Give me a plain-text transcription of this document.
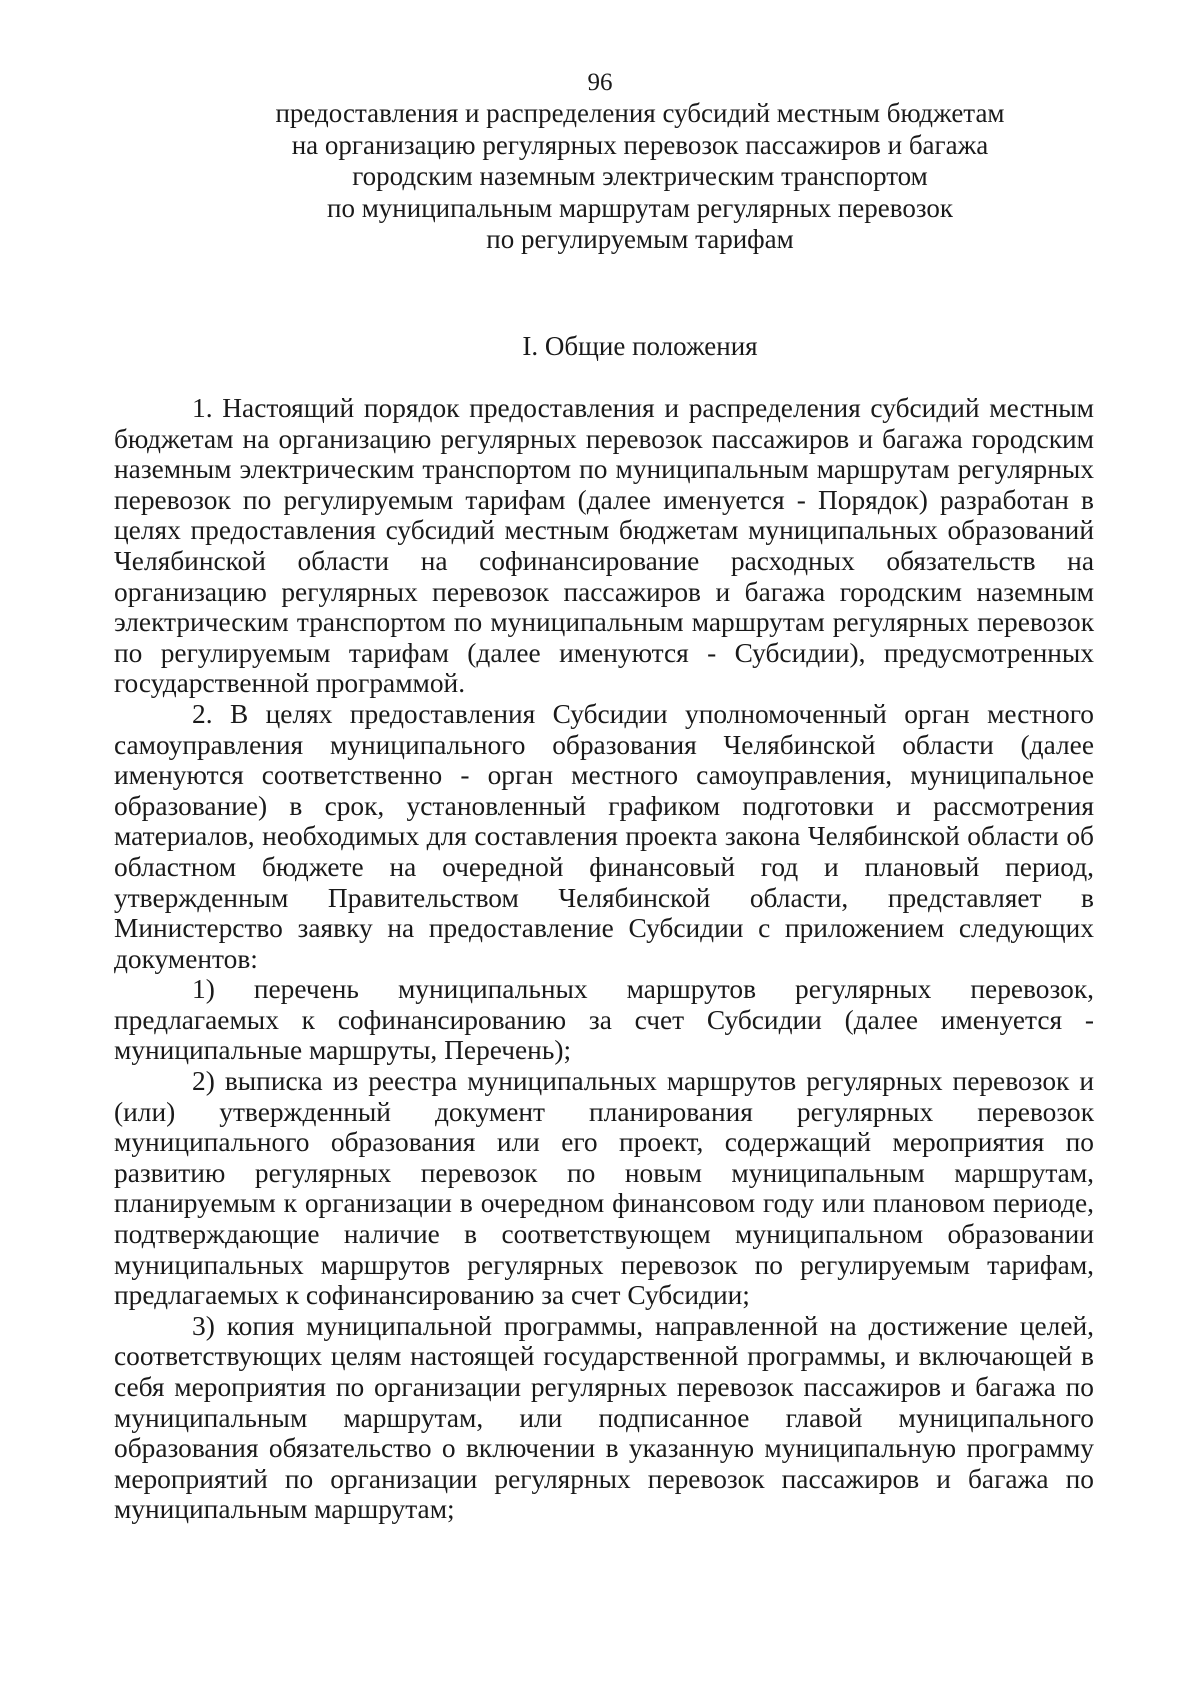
96
предоставления и распределения субсидий местным бюджетам
на организацию регулярных перевозок пассажиров и багажа
городским наземным электрическим транспортом
по муниципальным маршрутам регулярных перевозок
по регулируемым тарифам
I. Общие положения

1. Настоящий порядок предоставления и распределения субсидий местным бюджетам на организацию регулярных перевозок пассажиров и багажа городским наземным электрическим транспортом по муниципальным маршрутам регулярных перевозок по регулируемым тарифам (далее именуется - Порядок) разработан в целях предоставления субсидий местным бюджетам муниципальных образований Челябинской области на софинансирование расходных обязательств на организацию регулярных перевозок пассажиров и багажа городским наземным электрическим транспортом по муниципальным маршрутам регулярных перевозок по регулируемым тарифам (далее именуются - Субсидии), предусмотренных государственной программой.

2. В целях предоставления Субсидии уполномоченный орган местного самоуправления муниципального образования Челябинской области (далее именуются соответственно - орган местного самоуправления, муниципальное образование) в срок, установленный графиком подготовки и рассмотрения материалов, необходимых для составления проекта закона Челябинской области об областном бюджете на очередной финансовый год и плановый период, утвержденным Правительством Челябинской области, представляет в Министерство заявку на предоставление Субсидии с приложением следующих документов:

1) перечень муниципальных маршрутов регулярных перевозок, предлагаемых к софинансированию за счет Субсидии (далее именуется - муниципальные маршруты, Перечень);

2) выписка из реестра муниципальных маршрутов регулярных перевозок и (или) утвержденный документ планирования регулярных перевозок муниципального образования или его проект, содержащий мероприятия по развитию регулярных перевозок по новым муниципальным маршрутам, планируемым к организации в очередном финансовом году или плановом периоде, подтверждающие наличие в соответствующем муниципальном образовании муниципальных маршрутов регулярных перевозок по регулируемым тарифам, предлагаемых к софинансированию за счет Субсидии;

3) копия муниципальной программы, направленной на достижение целей, соответствующих целям настоящей государственной программы, и включающей в себя мероприятия по организации регулярных перевозок пассажиров и багажа по муниципальным маршрутам, или подписанное главой муниципального образования обязательство о включении в указанную муниципальную программу мероприятий по организации регулярных перевозок пассажиров и багажа по муниципальным маршрутам;
